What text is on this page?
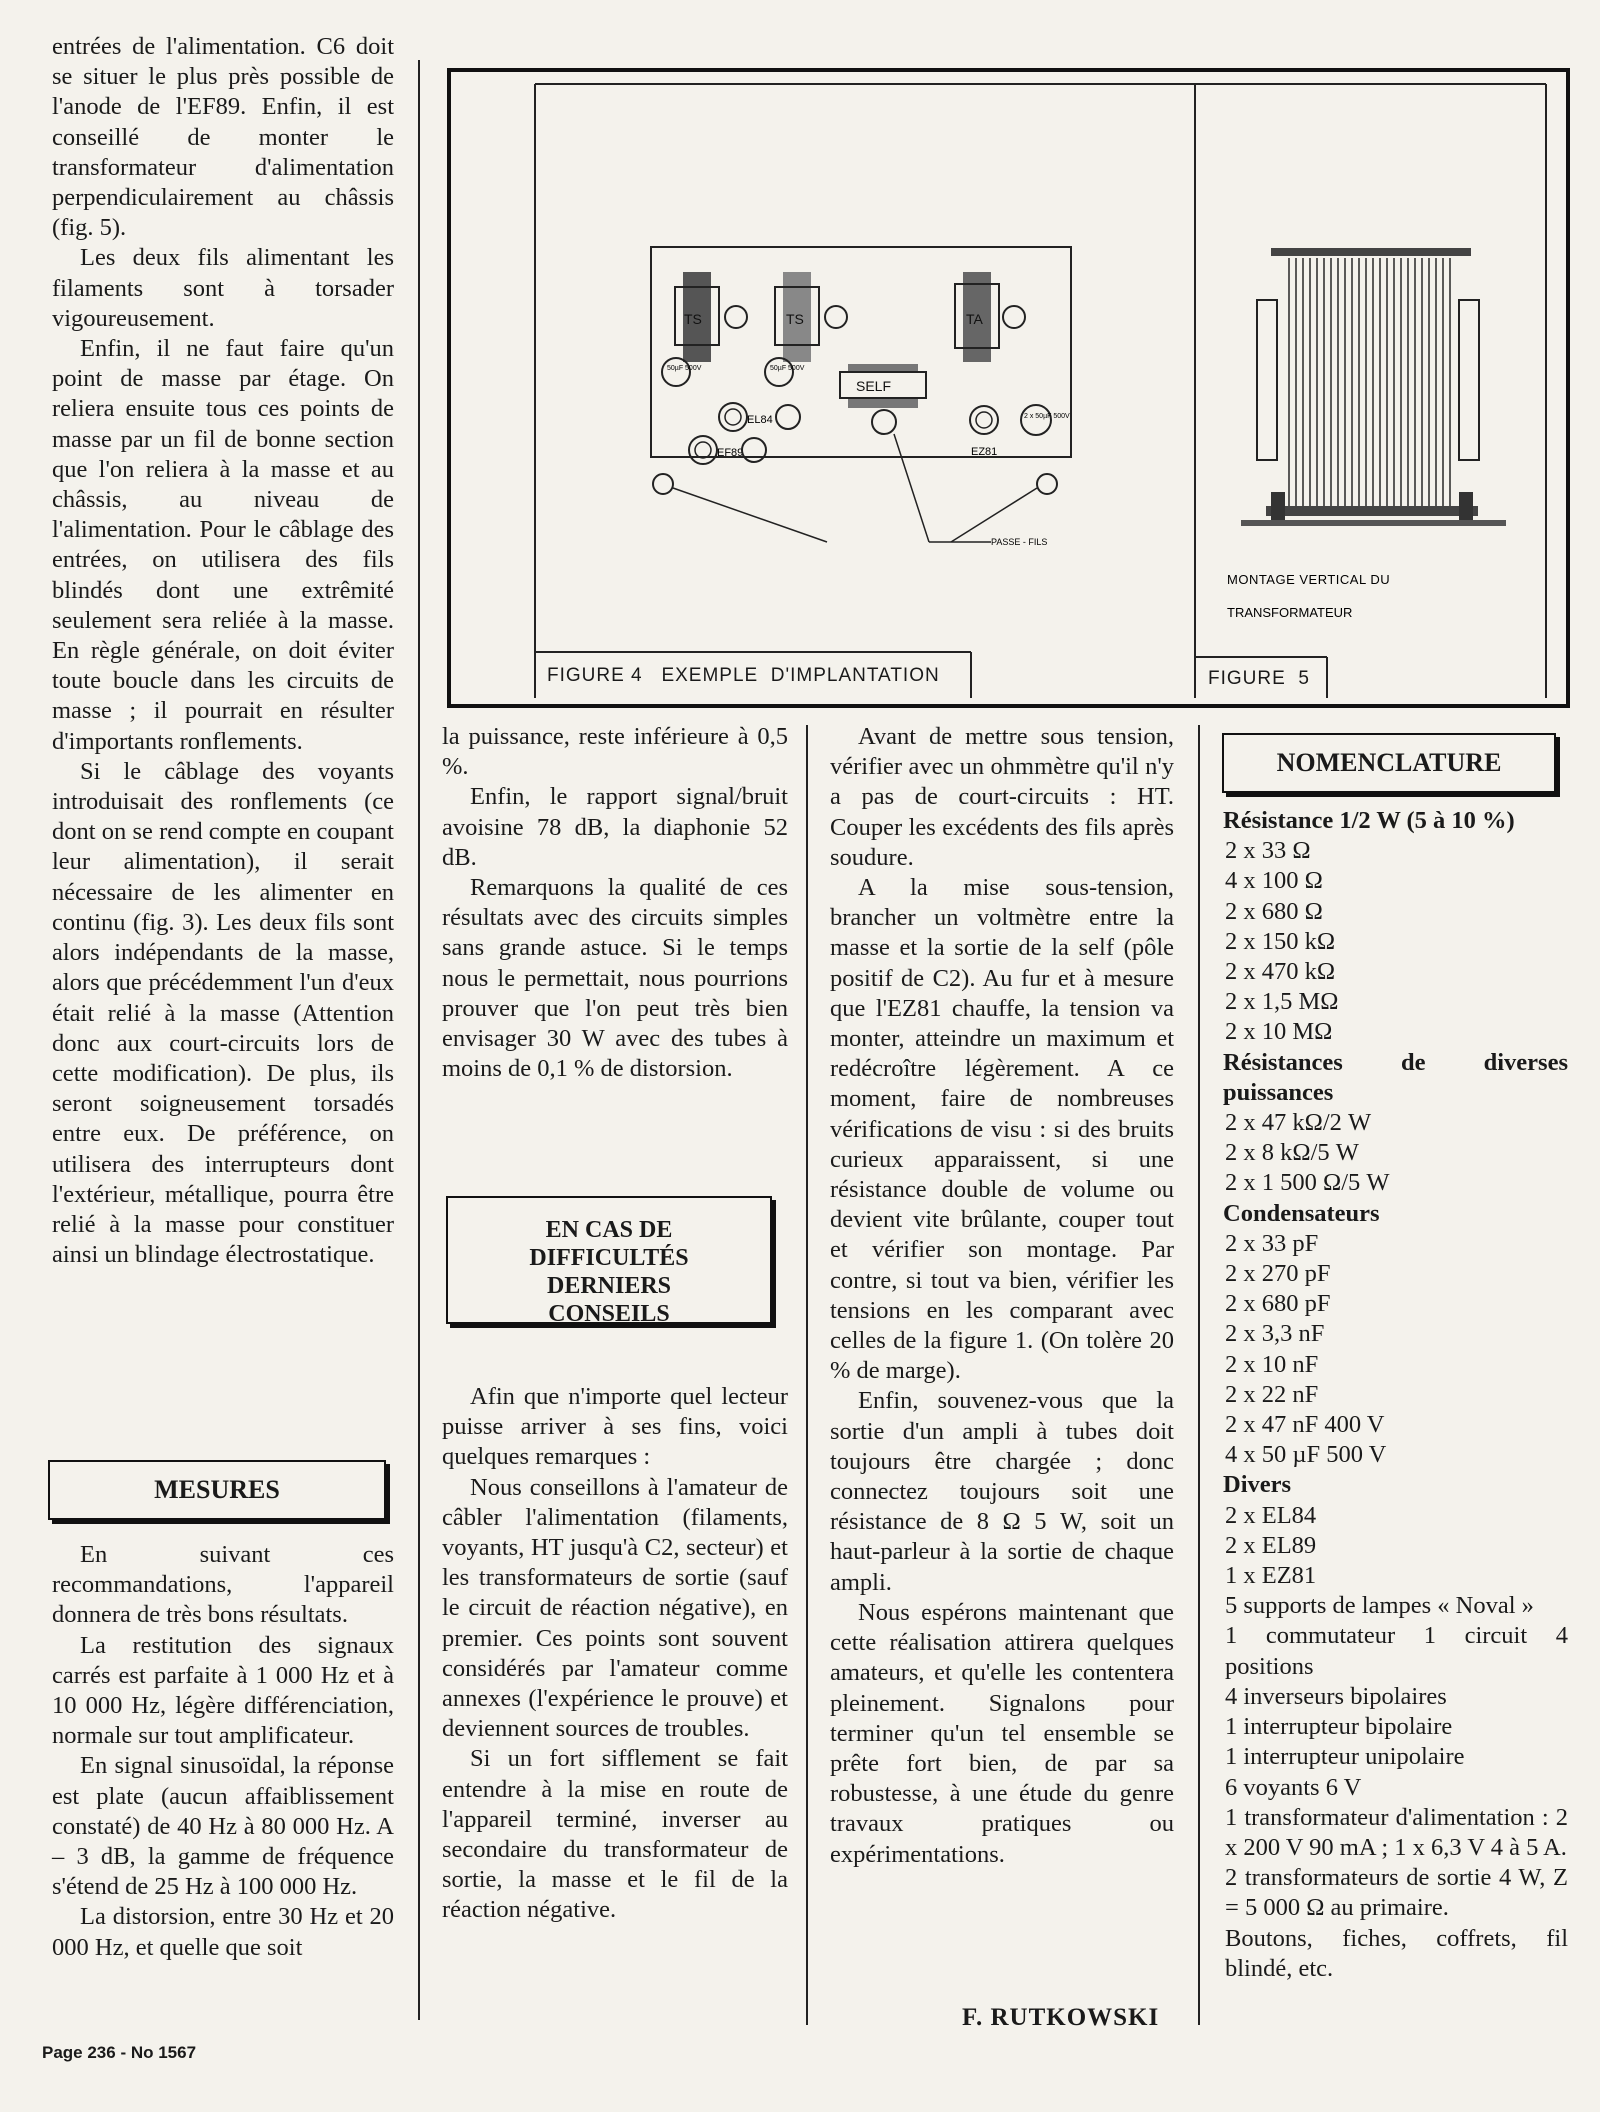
entrées de l'alimentation. C6 doit se situer le plus près possible de l'anode de l'EF89. Enfin, il est conseillé de monter le transformateur d'alimentation perpendiculairement au châssis (fig. 5).

Les deux fils alimentant les filaments sont à torsader vigoureusement.

Enfin, il ne faut faire qu'un point de masse par étage. On reliera ensuite tous ces points de masse par un fil de bonne section que l'on reliera à la masse et au châssis, au niveau de l'alimentation. Pour le câblage des entrées, on utilisera des fils blindés dont une extrêmité seulement sera reliée à la masse. En règle générale, on doit éviter toute boucle dans les circuits de masse ; il pourrait en résulter d'importants ronflements.

Si le câblage des voyants introduisait des ronflements (ce dont on se rend compte en coupant leur alimentation), il serait nécessaire de les alimenter en continu (fig. 3). Les deux fils sont alors indépendants de la masse, alors que précédemment l'un d'eux était relié à la masse (Attention donc aux court-circuits lors de cette modification). De plus, ils seront soigneusement torsadés entre eux. De préférence, on utilisera des interrupteurs dont l'extérieur, métallique, pourra être relié à la masse pour constituer ainsi un blindage électrostatique.

MESURES

En suivant ces recommandations, l'appareil donnera de très bons résultats.

La restitution des signaux carrés est parfaite à 1 000 Hz et à 10 000 Hz, légère différenciation, normale sur tout amplificateur.

En signal sinusoïdal, la réponse est plate (aucun affaiblissement constaté) de 40 Hz à 80 000 Hz. A – 3 dB, la gamme de fréquence s'étend de 25 Hz à 100 000 Hz.

La distorsion, entre 30 Hz et 20 000 Hz, et quelle que soit

TS	TS	TA
SELF
50µF 500V	50µF 500V
2 x 50µF 500V
EL84
EF89	EZ81
PASSE - FILS
MONTAGE VERTICAL DU
TRANSFORMATEUR
FIGURE 4   EXEMPLE  D'IMPLANTATION	FIGURE  5

la puissance, reste inférieure à 0,5 %.

Enfin, le rapport signal/bruit avoisine 78 dB, la diaphonie 52 dB.

Remarquons la qualité de ces résultats avec des circuits simples sans grande astuce. Si le temps nous le permettait, nous pourrions prouver que l'on peut très bien envisager 30 W avec des tubes à moins de 0,1 % de distorsion.

EN CAS DE DIFFICULTÉS DERNIERS CONSEILS

Afin que n'importe quel lecteur puisse arriver à ses fins, voici quelques remarques :

Nous conseillons à l'amateur de câbler l'alimentation (filaments, voyants, HT jusqu'à C2, secteur) et les transformateurs de sortie (sauf le circuit de réaction négative), en premier. Ces points sont souvent considérés par l'amateur comme annexes (l'expérience le prouve) et deviennent sources de troubles.

Si un fort sifflement se fait entendre à la mise en route de l'appareil terminé, inverser au secondaire du transformateur de sortie, la masse et le fil de la réaction négative.

Avant de mettre sous tension, vérifier avec un ohmmètre qu'il n'y a pas de court-circuits : HT. Couper les excédents des fils après soudure.

A la mise sous-tension, brancher un voltmètre entre la masse et la sortie de la self (pôle positif de C2). Au fur et à mesure que l'EZ81 chauffe, la tension va monter, atteindre un maximum et redécroître légèrement. A ce moment, faire de nombreuses vérifications de visu : si des bruits curieux apparaissent, si une résistance double de volume ou devient vite brûlante, couper tout et vérifier son montage. Par contre, si tout va bien, vérifier les tensions en les comparant avec celles de la figure 1. (On tolère 20 % de marge).

Enfin, souvenez-vous que la sortie d'un ampli à tubes doit toujours être chargée ; donc connectez toujours soit une résistance de 8 Ω 5 W, soit un haut-parleur à la sortie de chaque ampli.

Nous espérons maintenant que cette réalisation attirera quelques amateurs, et qu'elle les contentera pleinement. Signalons pour terminer qu'un tel ensemble se prête fort bien, de par sa robustesse, à une étude du genre travaux pratiques ou expérimentations.

F. RUTKOWSKI
NOMENCLATURE
Résistance 1/2 W (5 à 10 %)
2 x 33 Ω
4 x 100 Ω
2 x 680 Ω
2 x 150 kΩ
2 x 470 kΩ
2 x 1,5 MΩ
2 x 10 MΩ
Résistances de diverses puissances
2 x 47 kΩ/2 W
2 x 8 kΩ/5 W
2 x 1 500 Ω/5 W
Condensateurs
2 x 33 pF
2 x 270 pF
2 x 680 pF
2 x 3,3 nF
2 x 10 nF
2 x 22 nF
2 x 47 nF 400 V
4 x 50 µF 500 V
Divers
2 x EL84
2 x EL89
1 x EZ81
5 supports de lampes « Noval »
1 commutateur 1 circuit 4 positions
4 inverseurs bipolaires
1 interrupteur bipolaire
1 interrupteur unipolaire
6 voyants 6 V
1 transformateur d'alimentation : 2 x 200 V 90 mA ; 1 x 6,3 V 4 à 5 A.
2 transformateurs de sortie 4 W, Z = 5 000 Ω au primaire.
Boutons, fiches, coffrets, fil blindé, etc.
Page 236 - No 1567
